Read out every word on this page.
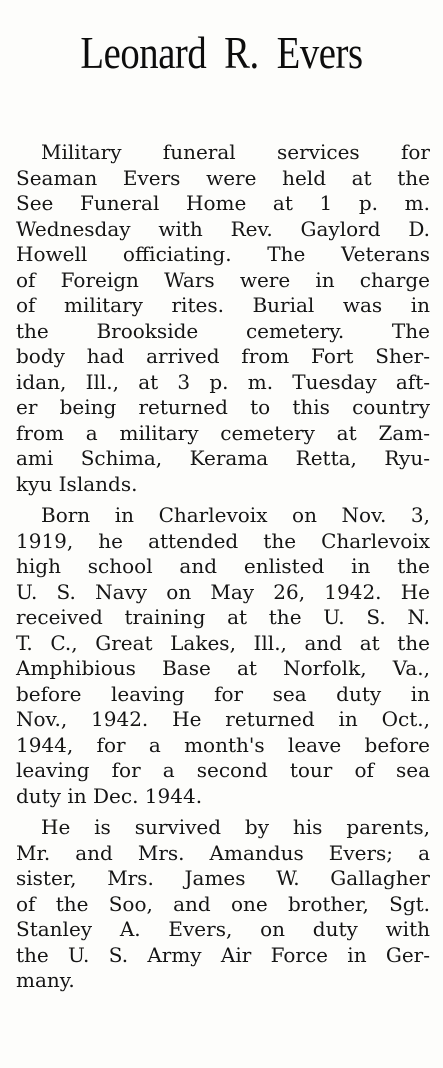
Leonard R. Evers
Military funeral services for
Seaman Evers were held at the
See Funeral Home at 1 p. m.
Wednesday with Rev. Gaylord D.
Howell officiating. The Veterans
of Foreign Wars were in charge
of military rites. Burial was in
the Brookside cemetery. The
body had arrived from Fort Sher-
idan, Ill., at 3 p. m. Tuesday aft-
er being returned to this country
from a military cemetery at Zam-
ami Schima, Kerama Retta, Ryu-
kyu Islands.
Born in Charlevoix on Nov. 3,
1919, he attended the Charlevoix
high school and enlisted in the
U. S. Navy on May 26, 1942. He
received training at the U. S. N.
T. C., Great Lakes, Ill., and at the
Amphibious Base at Norfolk, Va.,
before leaving for sea duty in
Nov., 1942. He returned in Oct.,
1944, for a month's leave before
leaving for a second tour of sea
duty in Dec. 1944.
He is survived by his parents,
Mr. and Mrs. Amandus Evers; a
sister, Mrs. James W. Gallagher
of the Soo, and one brother, Sgt.
Stanley A. Evers, on duty with
the U. S. Army Air Force in Ger-
many.
